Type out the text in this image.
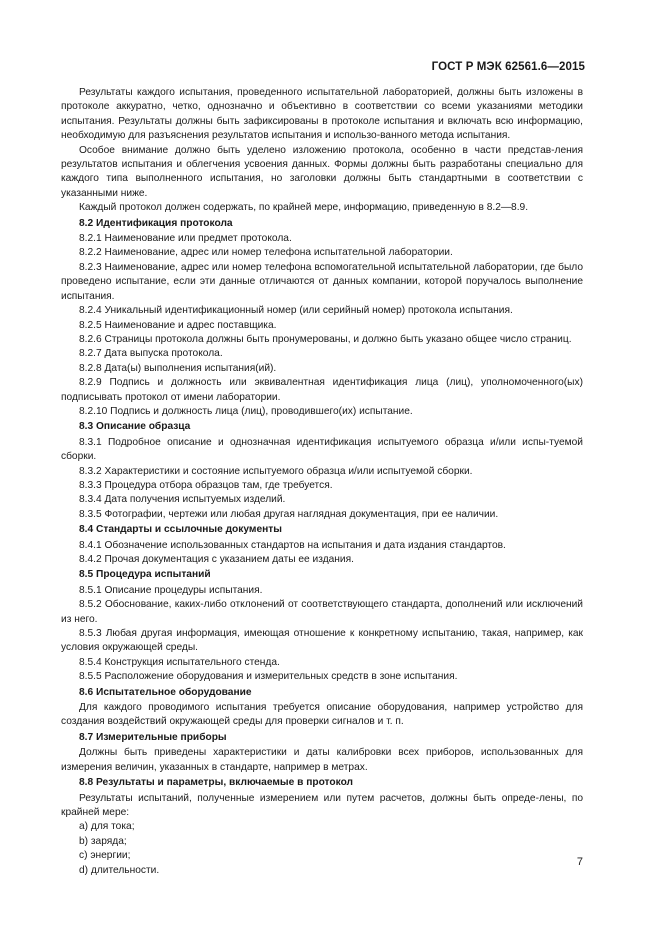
ГОСТ Р МЭК 62561.6—2015

Результаты каждого испытания, проведенного испытательной лабораторией, должны быть изложены в протоколе аккуратно, четко, однозначно и объективно в соответствии со всеми указаниями методики испытания. Результаты должны быть зафиксированы в протоколе испытания и включать всю информацию, необходимую для разъяснения результатов испытания и использо-ванного метода испытания.

Особое внимание должно быть уделено изложению протокола, особенно в части представ-ления результатов испытания и облегчения усвоения данных. Формы должны быть разработаны специально для каждого типа выполненного испытания, но заголовки должны быть стандартными в соответствии с указанными ниже.

Каждый протокол должен содержать, по крайней мере, информацию, приведенную в 8.2—8.9.

8.2 Идентификация протокола

8.2.1 Наименование или предмет протокола.

8.2.2 Наименование, адрес или номер телефона испытательной лаборатории.

8.2.3 Наименование, адрес или номер телефона вспомогательной испытательной лаборатории, где было проведено испытание, если эти данные отличаются от данных компании, которой поручалось выполнение испытания.

8.2.4 Уникальный идентификационный номер (или серийный номер) протокола испытания.

8.2.5 Наименование и адрес поставщика.

8.2.6 Страницы протокола должны быть пронумерованы, и должно быть указано общее число страниц.

8.2.7 Дата выпуска протокола.

8.2.8 Дата(ы) выполнения испытания(ий).

8.2.9 Подпись и должность или эквивалентная идентификация лица (лиц), уполномоченного(ых) подписывать протокол от имени лаборатории.

8.2.10 Подпись и должность лица (лиц), проводившего(их) испытание.

8.3 Описание образца

8.3.1 Подробное описание и однозначная идентификация испытуемого образца и/или испы-туемой сборки.

8.3.2 Характеристики и состояние испытуемого образца и/или испытуемой сборки.

8.3.3 Процедура отбора образцов там, где требуется.

8.3.4 Дата получения испытуемых изделий.

8.3.5 Фотографии, чертежи или любая другая наглядная документация, при ее наличии.

8.4 Стандарты и ссылочные документы

8.4.1 Обозначение использованных стандартов на испытания и дата издания стандартов.

8.4.2 Прочая документация с указанием даты ее издания.

8.5 Процедура испытаний

8.5.1 Описание процедуры испытания.

8.5.2 Обоснование, каких-либо отклонений от соответствующего стандарта, дополнений или исключений из него.

8.5.3 Любая другая информация, имеющая отношение к конкретному испытанию, такая, например, как условия окружающей среды.

8.5.4 Конструкция испытательного стенда.

8.5.5 Расположение оборудования и измерительных средств в зоне испытания.

8.6 Испытательное оборудование

Для каждого проводимого испытания требуется описание оборудования, например устройство для создания воздействий окружающей среды для проверки сигналов и т. п.

8.7 Измерительные приборы

Должны быть приведены характеристики и даты калибровки всех приборов, использованных для измерения величин, указанных в стандарте, например в метрах.

8.8 Результаты и параметры, включаемые в протокол

Результаты испытаний, полученные измерением или путем расчетов, должны быть опреде-лены, по крайней мере:

а) для тока;

b) заряда;

с) энергии;

d) длительности.

7
